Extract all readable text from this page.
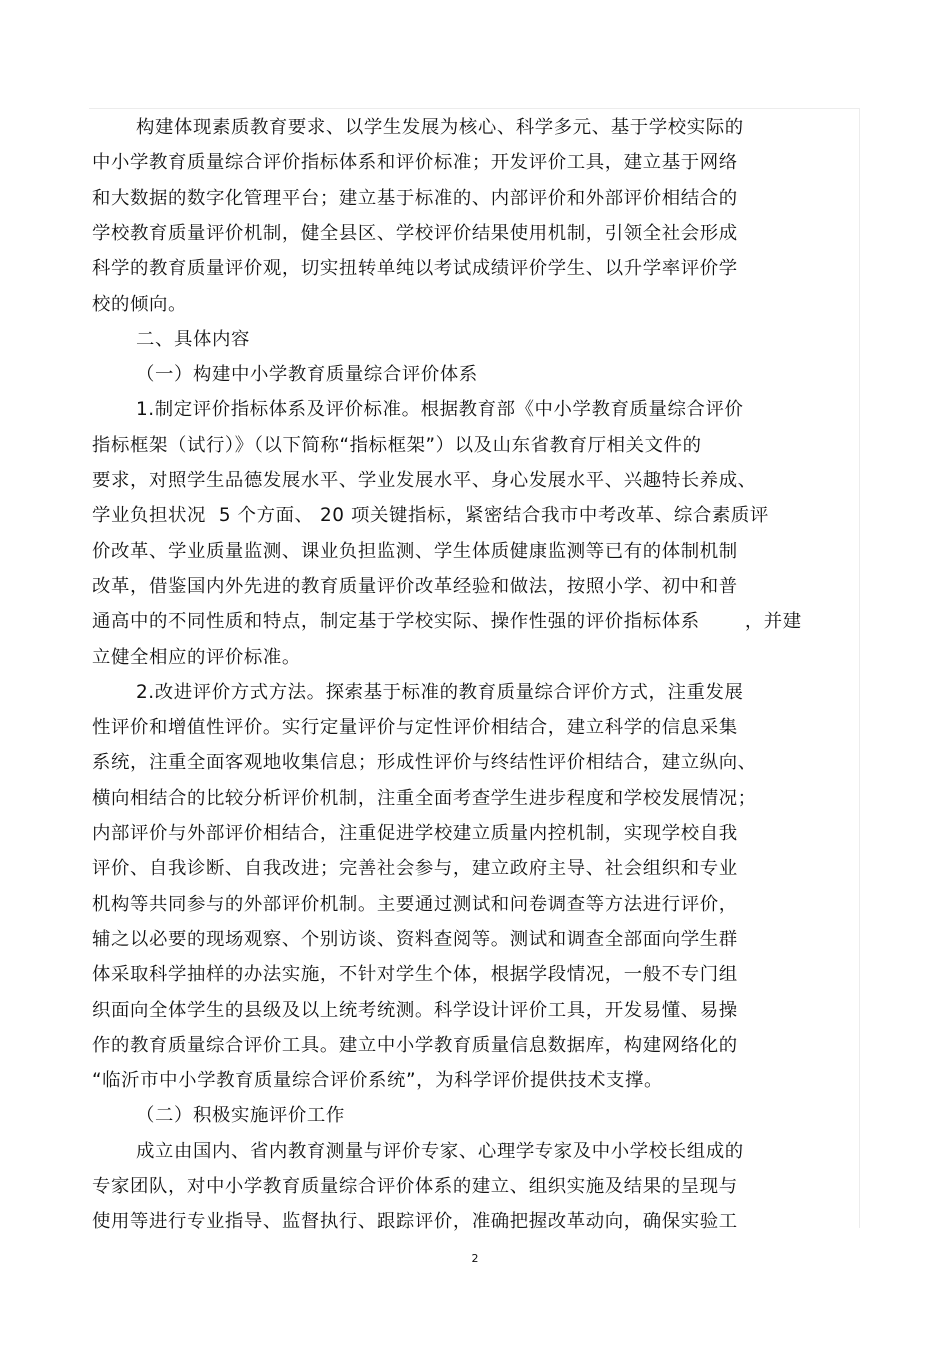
构建体现素质教育要求、以学生发展为核心、科学多元、基于学校实际的
中小学教育质量综合评价指标体系和评价标准；开发评价工具，建立基于网络
和大数据的数字化管理平台；建立基于标准的、内部评价和外部评价相结合的
学校教育质量评价机制，健全县区、学校评价结果使用机制，引领全社会形成
科学的教育质量评价观，切实扭转单纯以考试成绩评价学生、以升学率评价学
校的倾向。
二、具体内容
（一）构建中小学教育质量综合评价体系
1.制定评价指标体系及评价标准。根据教育部《中小学教育质量综合评价
指标框架（试行）》（以下简称“指标框架”）以及山东省教育厅相关文件的
要求，对照学生品德发展水平、学业发展水平、身心发展水平、兴趣特长养成、
学业负担状况  5 个方面、 20 项关键指标，紧密结合我市中考改革、综合素质评
价改革、学业质量监测、课业负担监测、学生体质健康监测等已有的体制机制
改革，借鉴国内外先进的教育质量评价改革经验和做法，按照小学、初中和普
通高中的不同性质和特点，制定基于学校实际、操作性强的评价指标体系       ，并建
立健全相应的评价标准。
2.改进评价方式方法。探索基于标准的教育质量综合评价方式，注重发展
性评价和增值性评价。实行定量评价与定性评价相结合，建立科学的信息采集
系统，注重全面客观地收集信息；形成性评价与终结性评价相结合，建立纵向、
横向相结合的比较分析评价机制，注重全面考查学生进步程度和学校发展情况；
内部评价与外部评价相结合，注重促进学校建立质量内控机制，实现学校自我
评价、自我诊断、自我改进；完善社会参与，建立政府主导、社会组织和专业
机构等共同参与的外部评价机制。主要通过测试和问卷调查等方法进行评价，
辅之以必要的现场观察、个别访谈、资料查阅等。测试和调查全部面向学生群
体采取科学抽样的办法实施，不针对学生个体，根据学段情况，一般不专门组
织面向全体学生的县级及以上统考统测。科学设计评价工具，开发易懂、易操
作的教育质量综合评价工具。建立中小学教育质量信息数据库，构建网络化的
“临沂市中小学教育质量综合评价系统”，为科学评价提供技术支撑。
（二）积极实施评价工作
成立由国内、省内教育测量与评价专家、心理学专家及中小学校长组成的
专家团队，对中小学教育质量综合评价体系的建立、组织实施及结果的呈现与
使用等进行专业指导、监督执行、跟踪评价，准确把握改革动向，确保实验工
2
